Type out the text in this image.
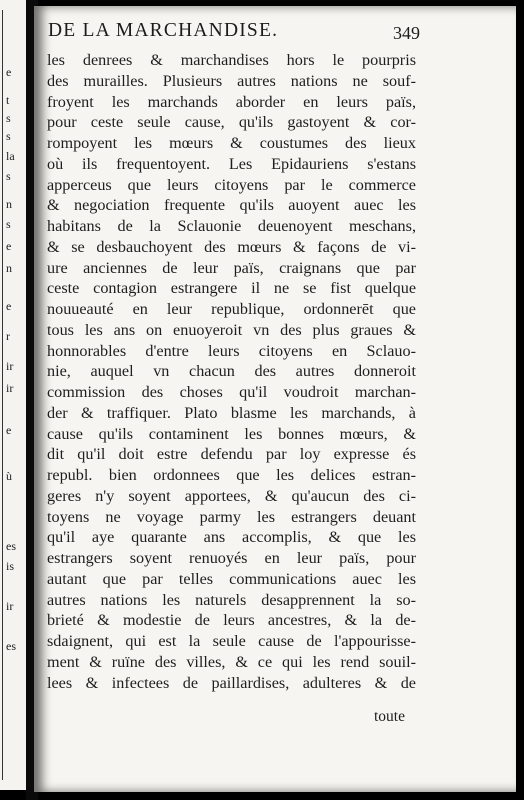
e
t
s
s
la
s
n
s
e
n
e
r
ir
ir
e
ù
es
is
ir
es
DE LA MARCHANDISE.	349
les denrees & marchandises hors le pourpris
des murailles. Plusieurs autres nations ne souf-
froyent les marchands aborder en leurs païs,
pour ceste seule cause, qu'ils gastoyent & cor-
rompoyent les mœurs & coustumes des lieux
où ils frequentoyent. Les Epidauriens s'estans
apperceus que leurs citoyens par le commerce
& negociation frequente qu'ils auoyent auec les
habitans de la Sclauonie deuenoyent meschans,
& se desbauchoyent des mœurs & façons de vi-
ure anciennes de leur païs, craignans que par
ceste contagion estrangere il ne se fist quelque
nouueauté en leur republique, ordonnerēt que
tous les ans on enuoyeroit vn des plus graues &
honnorables d'entre leurs citoyens en Sclauo-
nie, auquel vn chacun des autres donneroit
commission des choses qu'il voudroit marchan-
der & traffiquer. Plato blasme les marchands, à
cause qu'ils contaminent les bonnes mœurs, &
dit qu'il doit estre defendu par loy expresse és
republ. bien ordonnees que les delices estran-
geres n'y soyent apportees, & qu'aucun des ci-
toyens ne voyage parmy les estrangers deuant
qu'il aye quarante ans accomplis, & que les
estrangers soyent renuoyés en leur païs, pour
autant que par telles communications auec les
autres nations les naturels desapprennent la so-
brieté & modestie de leurs ancestres, & la de-
sdaignent, qui est la seule cause de l'appourisse-
ment & ruïne des villes, & ce qui les rend souil-
lees & infectees de paillardises, adulteres & de
toute
